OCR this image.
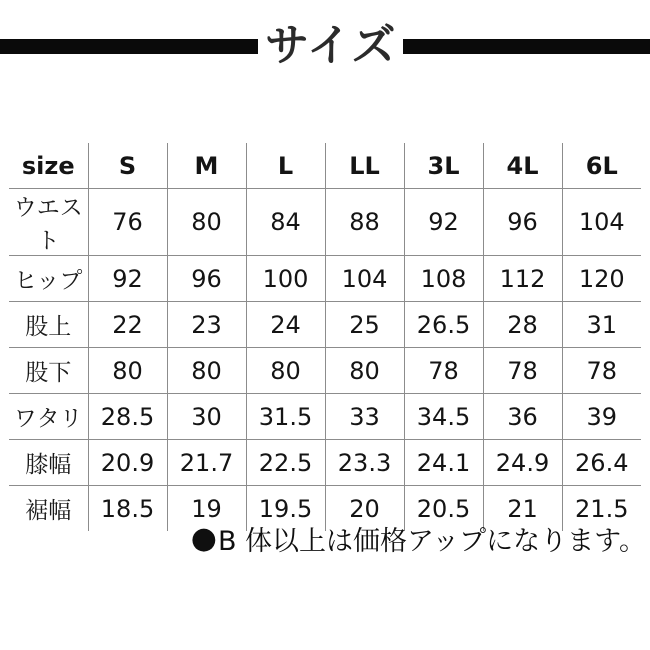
サイズ
size	S	M	L	LL	3L	4L	6L
ウエスト	76	80	84	88	92	96	104
ヒップ	92	96	100	104	108	112	120
股上	22	23	24	25	26.5	28	31
股下	80	80	80	80	78	78	78
ワタリ	28.5	30	31.5	33	34.5	36	39
膝幅	20.9	21.7	22.5	23.3	24.1	24.9	26.4
裾幅	18.5	19	19.5	20	20.5	21	21.5
● B 体以上は価格アップになります。
